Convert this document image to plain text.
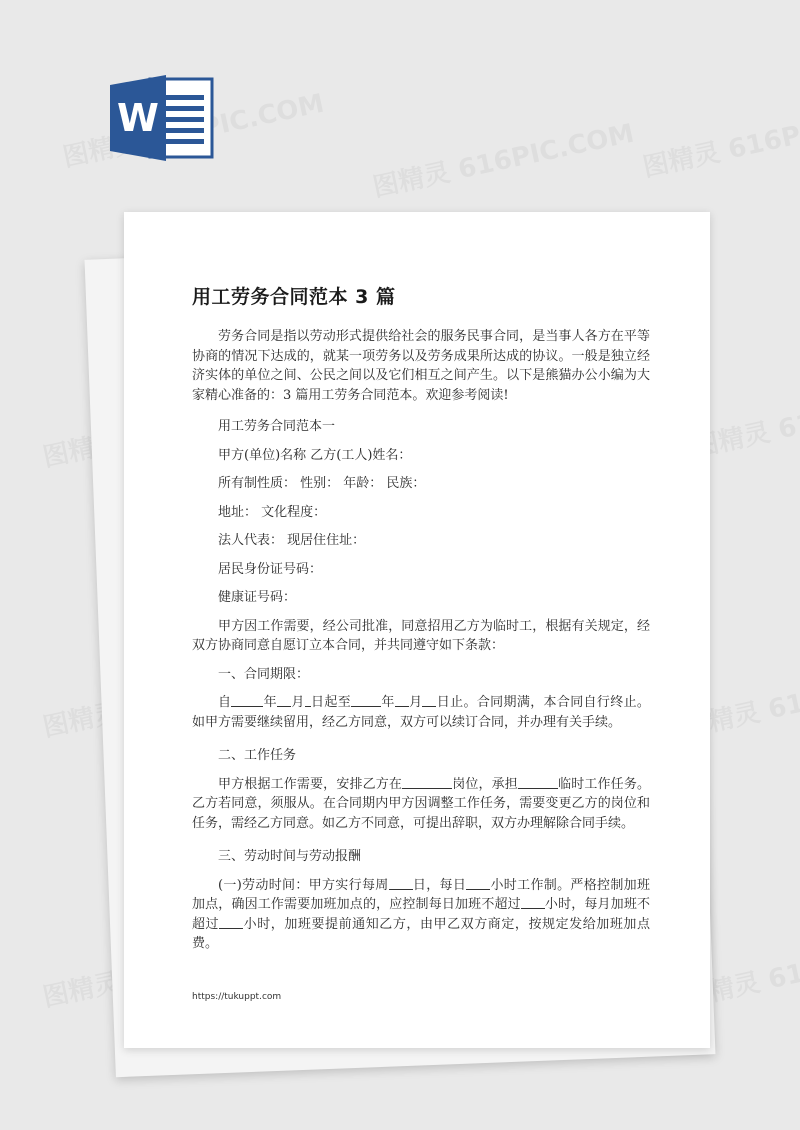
W
用工劳务合同范本 3 篇

劳务合同是指以劳动形式提供给社会的服务民事合同，是当事人各方在平等协商的情况下达成的，就某一项劳务以及劳务成果所达成的协议。一般是独立经济实体的单位之间、公民之间以及它们相互之间产生。以下是熊猫办公小编为大家精心准备的：3 篇用工劳务合同范本。欢迎参考阅读!

用工劳务合同范本一

甲方(单位)名称 乙方(工人)姓名：

所有制性质： 性别： 年龄： 民族：

地址： 文化程度：

法人代表： 现居住住址：

居民身份证号码：

健康证号码：

甲方因工作需要，经公司批准，同意招用乙方为临时工，根据有关规定，经双方协商同意自愿订立本合同，并共同遵守如下条款：

一、合同期限：

自 年 月 日起至 年 月 日止。合同期满，本合同自行终止。如甲方需要继续留用，经乙方同意，双方可以续订合同，并办理有关手续。

二、工作任务

甲方根据工作需要，安排乙方在	岗位，承担	临时工作任务。乙方若同意，须服从。在合同期内甲方因调整工作任务，需要变更乙方的岗位和任务，需经乙方同意。如乙方不同意，可提出辞职，双方办理解除合同手续。

三、劳动时间与劳动报酬

(一)劳动时间：甲方实行每周 日，每日 小时工作制。严格控制加班加点，确因工作需要加班加点的，应控制每日加班不超过 小时，每月加班不超过 小时，加班要提前通知乙方，由甲乙双方商定，按规定发给加班加点费。

https://tukuppt.com
